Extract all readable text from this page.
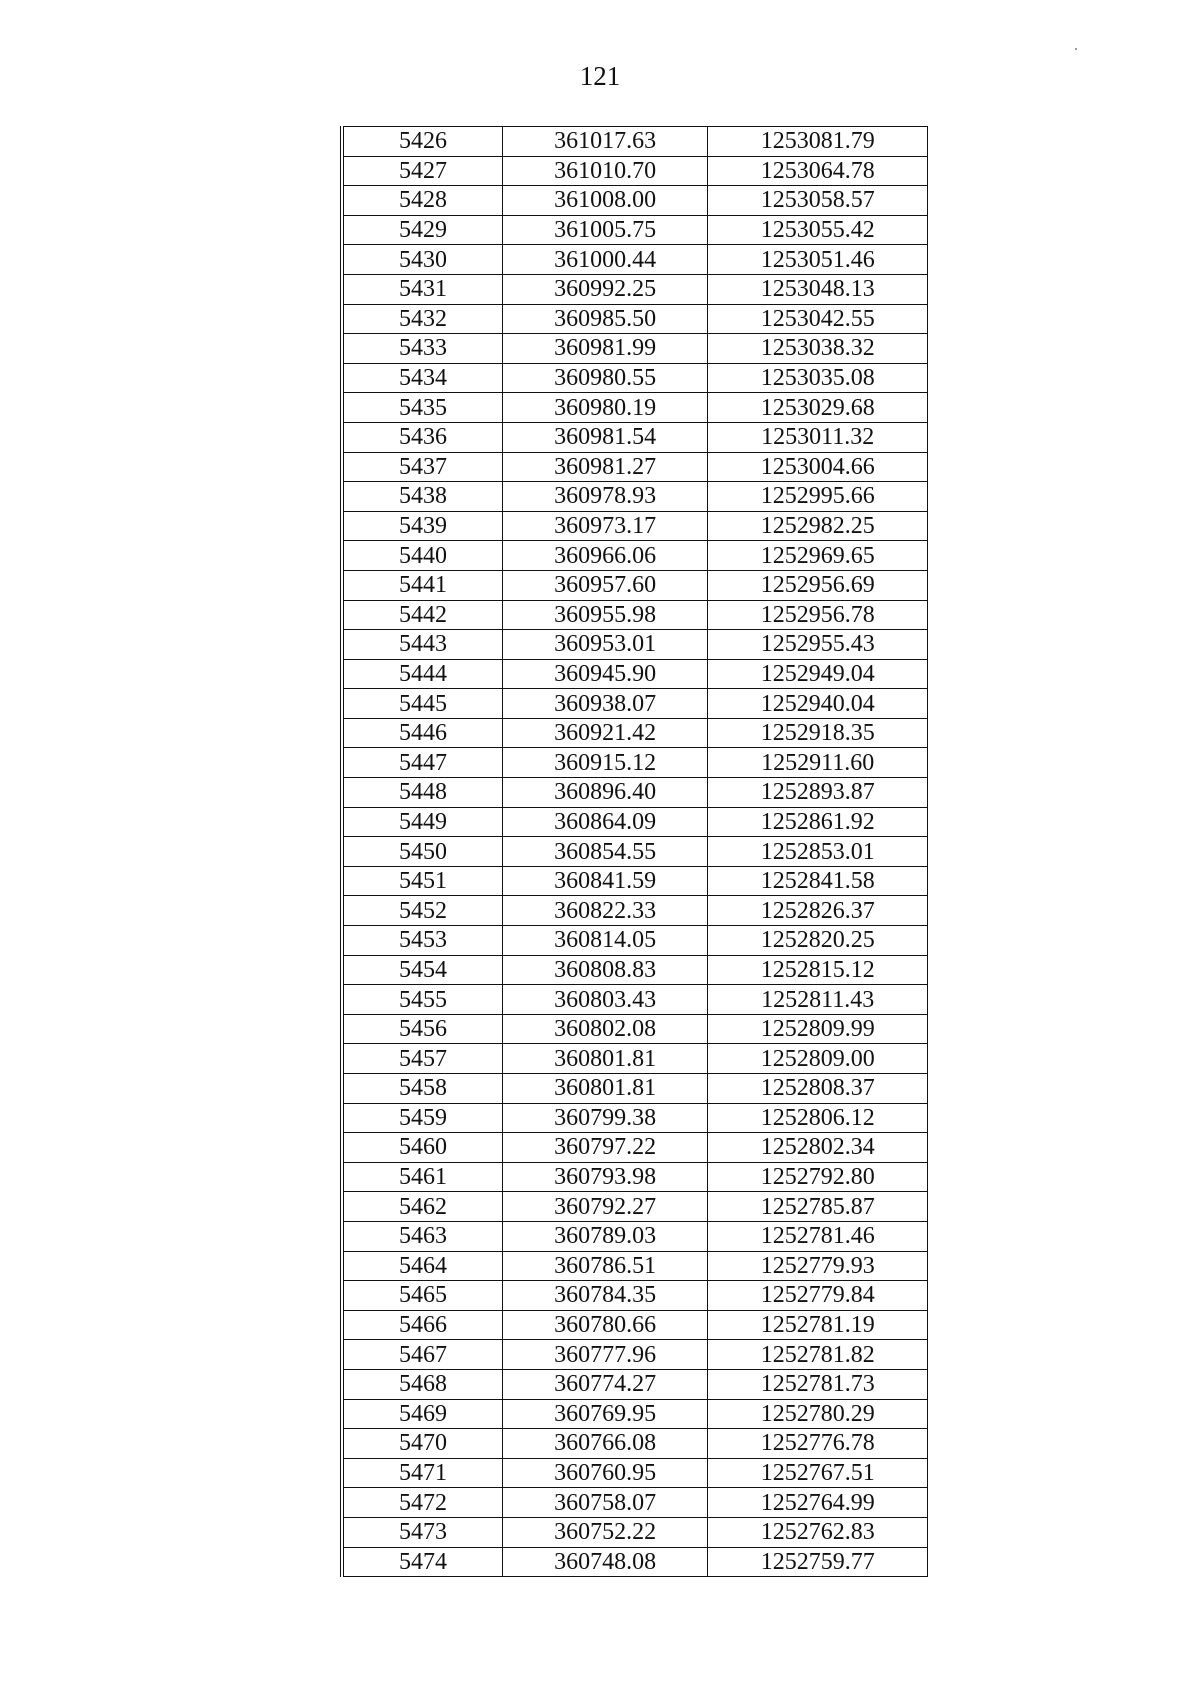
121
5426	361017.63	1253081.79
5427	361010.70	1253064.78
5428	361008.00	1253058.57
5429	361005.75	1253055.42
5430	361000.44	1253051.46
5431	360992.25	1253048.13
5432	360985.50	1253042.55
5433	360981.99	1253038.32
5434	360980.55	1253035.08
5435	360980.19	1253029.68
5436	360981.54	1253011.32
5437	360981.27	1253004.66
5438	360978.93	1252995.66
5439	360973.17	1252982.25
5440	360966.06	1252969.65
5441	360957.60	1252956.69
5442	360955.98	1252956.78
5443	360953.01	1252955.43
5444	360945.90	1252949.04
5445	360938.07	1252940.04
5446	360921.42	1252918.35
5447	360915.12	1252911.60
5448	360896.40	1252893.87
5449	360864.09	1252861.92
5450	360854.55	1252853.01
5451	360841.59	1252841.58
5452	360822.33	1252826.37
5453	360814.05	1252820.25
5454	360808.83	1252815.12
5455	360803.43	1252811.43
5456	360802.08	1252809.99
5457	360801.81	1252809.00
5458	360801.81	1252808.37
5459	360799.38	1252806.12
5460	360797.22	1252802.34
5461	360793.98	1252792.80
5462	360792.27	1252785.87
5463	360789.03	1252781.46
5464	360786.51	1252779.93
5465	360784.35	1252779.84
5466	360780.66	1252781.19
5467	360777.96	1252781.82
5468	360774.27	1252781.73
5469	360769.95	1252780.29
5470	360766.08	1252776.78
5471	360760.95	1252767.51
5472	360758.07	1252764.99
5473	360752.22	1252762.83
5474	360748.08	1252759.77
